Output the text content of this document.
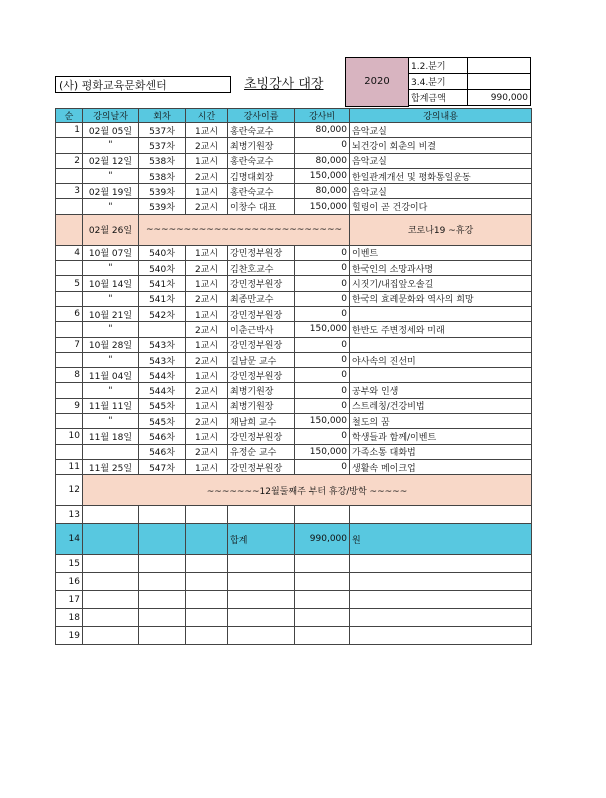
(사) 평화교육문화센터	초빙강사 대장	2020
1.2.분기	
3.4.분기	
합계금액	990,000
순	강의날자	회차	시간	강사이름	강사비	강의내용
1	02월 05일	537차	1교시	홍란숙교수	80,000	음악교실
	"	537차	2교시	최병기원장	0	뇌건강이 회춘의 비결
2	02월 12일	538차	1교시	홍란숙교수	80,000	음악교실
	"	538차	2교시	김명대회장	150,000	한일관계개선 및 평화통일운동
3	02월 19일	539차	1교시	홍란숙교수	80,000	음악교실
	"	539차	2교시	이창수 대표	150,000	힐링이 곧 건강이다
	02월 26일	~~~~~~~~~~~~~~~~~~~~~~~~~~				코로나19 ~휴강
4	10월 07일	540차	1교시	강민정부원장	0	이벤트
	"	540차	2교시	김찬호교수	0	한국인의 소망과사명
5	10월 14일	541차	1교시	강민정부원장	0	시짓기/내집앞오솔길
	"	541차	2교시	최종만교수	0	한국의 효례문화와 역사의 희망
6	10월 21일	542차	1교시	강민정부원장	0	
	"		2교시	이춘근박사	150,000	한반도 주변정세와 미래
7	10월 28일	543차	1교시	강민정부원장	0	
	"	543차	2교시	길남문 교수	0	야사속의 진선미
8	11월 04일	544차	1교시	강민정부원장	0	
	"	544차	2교시	최병기원장	0	공부와 인생
9	11월 11일	545차	1교시	최병기원장	0	스트레칭/건강비법
	"	545차	2교시	채남희 교수	150,000	철도의 꿈
10	11월 18일	546차	1교시	강민정부원장	0	학생들과 함께/이벤트
		546차	2교시	유정순 교수	150,000	가족소통 대화법
11	11월 25일	547차	1교시	강민정부원장	0	생활속 메이크업
12	~~~~~~~12월둘째주 부터 휴강/방학 ~~~~~					
13						
14				합계	990,000	원
15						
16						
17						
18						
19						
